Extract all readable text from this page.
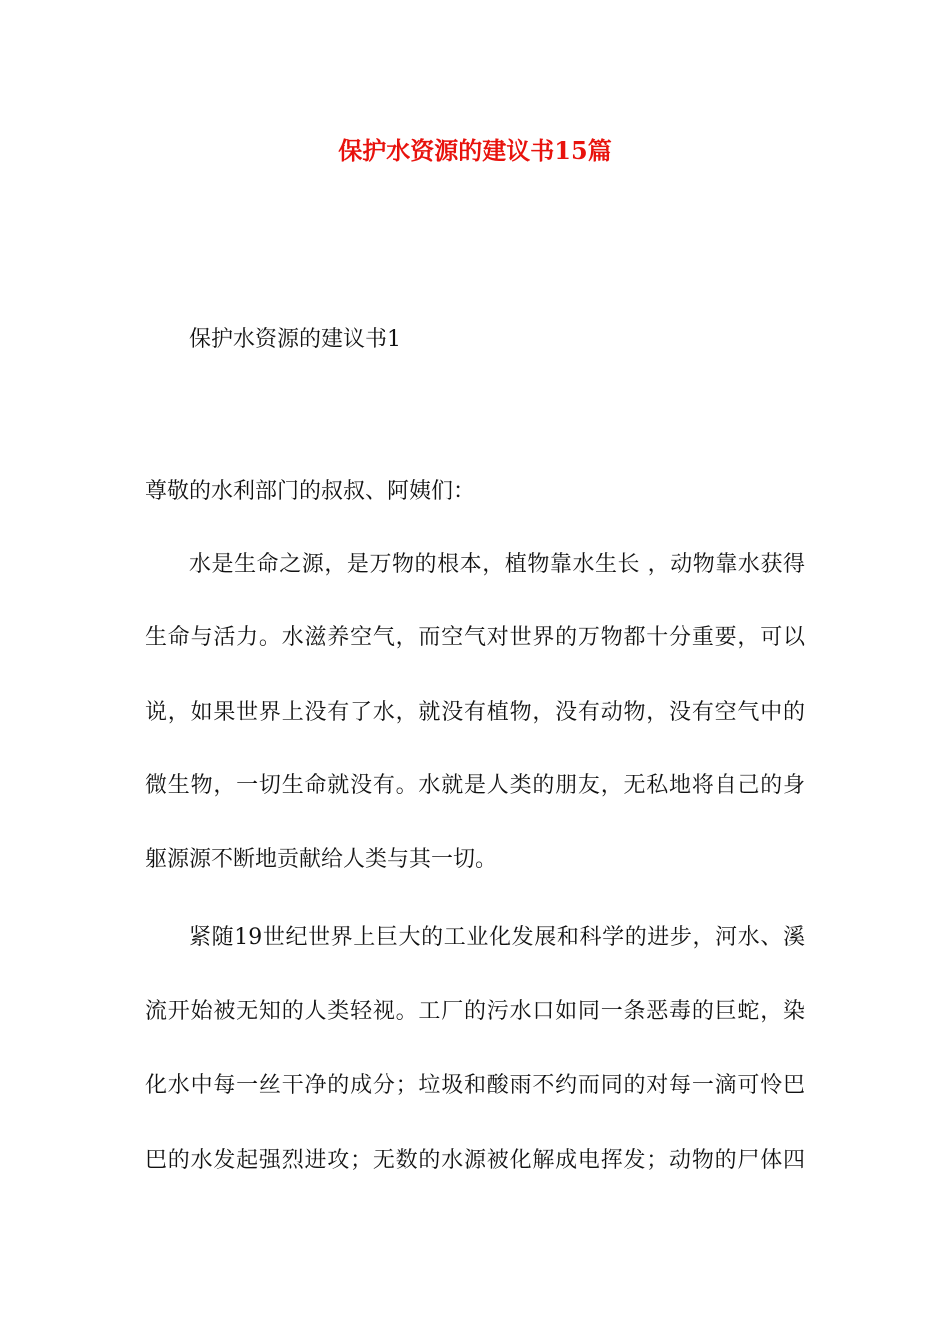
保护水资源的建议书15篇

保护水资源的建议书1

尊敬的水利部门的叔叔、阿姨们：

水是生命之源，是万物的根本，植物靠水生长 ，动物靠水获得

生命与活力。水滋养空气，而空气对世界的万物都十分重要，可以

说，如果世界上没有了水，就没有植物，没有动物，没有空气中的

微生物，一切生命就没有。水就是人类的朋友，无私地将自己的身

躯源源不断地贡献给人类与其一切。

紧随19世纪世界上巨大的工业化发展和科学的进步，河水、溪

流开始被无知的人类轻视。工厂的污水口如同一条恶毒的巨蛇，染

化水中每一丝干净的成分；垃圾和酸雨不约而同的对每一滴可怜巴

巴的水发起强烈进攻；无数的水源被化解成电挥发；动物的尸体四
